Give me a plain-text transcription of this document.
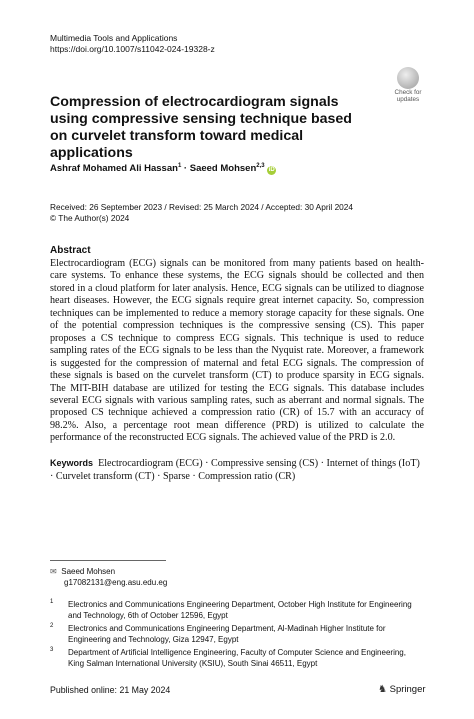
Multimedia Tools and Applications
https://doi.org/10.1007/s11042-024-19328-z
Check for
updates
Compression of electrocardiogram signals using compressive sensing technique based on curvelet transform toward medical applications
Ashraf Mohamed Ali Hassan$^1$ · Saeed Mohsen$^{2,3}$ iD
Received: 26 September 2023 / Revised: 25 March 2024 / Accepted: 30 April 2024
© The Author(s) 2024
Abstract
Electrocardiogram (ECG) signals can be monitored from many patients based on health-care systems. To enhance these systems, the ECG signals should be collected and then stored in a cloud platform for later analysis. Hence, ECG signals can be utilized to diagnose heart diseases. However, the ECG signals require great internet capacity. So, compression techniques can be implemented to reduce a memory storage capacity for these signals. One of the potential compression techniques is the compressive sensing (CS). This paper proposes a CS technique to compress ECG signals. This technique is used to reduce sampling rates of the ECG signals to be less than the Nyquist rate. Moreover, a framework is suggested for the compression of maternal and fetal ECG signals. The compression of these signals is based on the curvelet transform (CT) to produce sparsity in ECG signals. The MIT-BIH database are utilized for testing the ECG signals. This database includes several ECG signals with various sampling rates, such as aberrant and normal signals. The proposed CS technique achieved a compression ratio (CR) of 15.7 with an accuracy of 98.2%. Also, a percentage root mean difference (PRD) is utilized to calculate the performance of the reconstructed ECG signals. The achieved value of the PRD is 2.0.
Keywords Electrocardiogram (ECG) · Compressive sensing (CS) · Internet of things (IoT) · Curvelet transform (CT) · Sparse · Compression ratio (CR)
✉ Saeed Mohsen
g17082131@eng.asu.edu.eg
1 Electronics and Communications Engineering Department, October High Institute for Engineering and Technology, 6th of October 12596, Egypt
2 Electronics and Communications Engineering Department, Al-Madinah Higher Institute for Engineering and Technology, Giza 12947, Egypt
3 Department of Artificial Intelligence Engineering, Faculty of Computer Science and Engineering, King Salman International University (KSIU), South Sinai 46511, Egypt
Published online: 21 May 2024	♞ Springer
